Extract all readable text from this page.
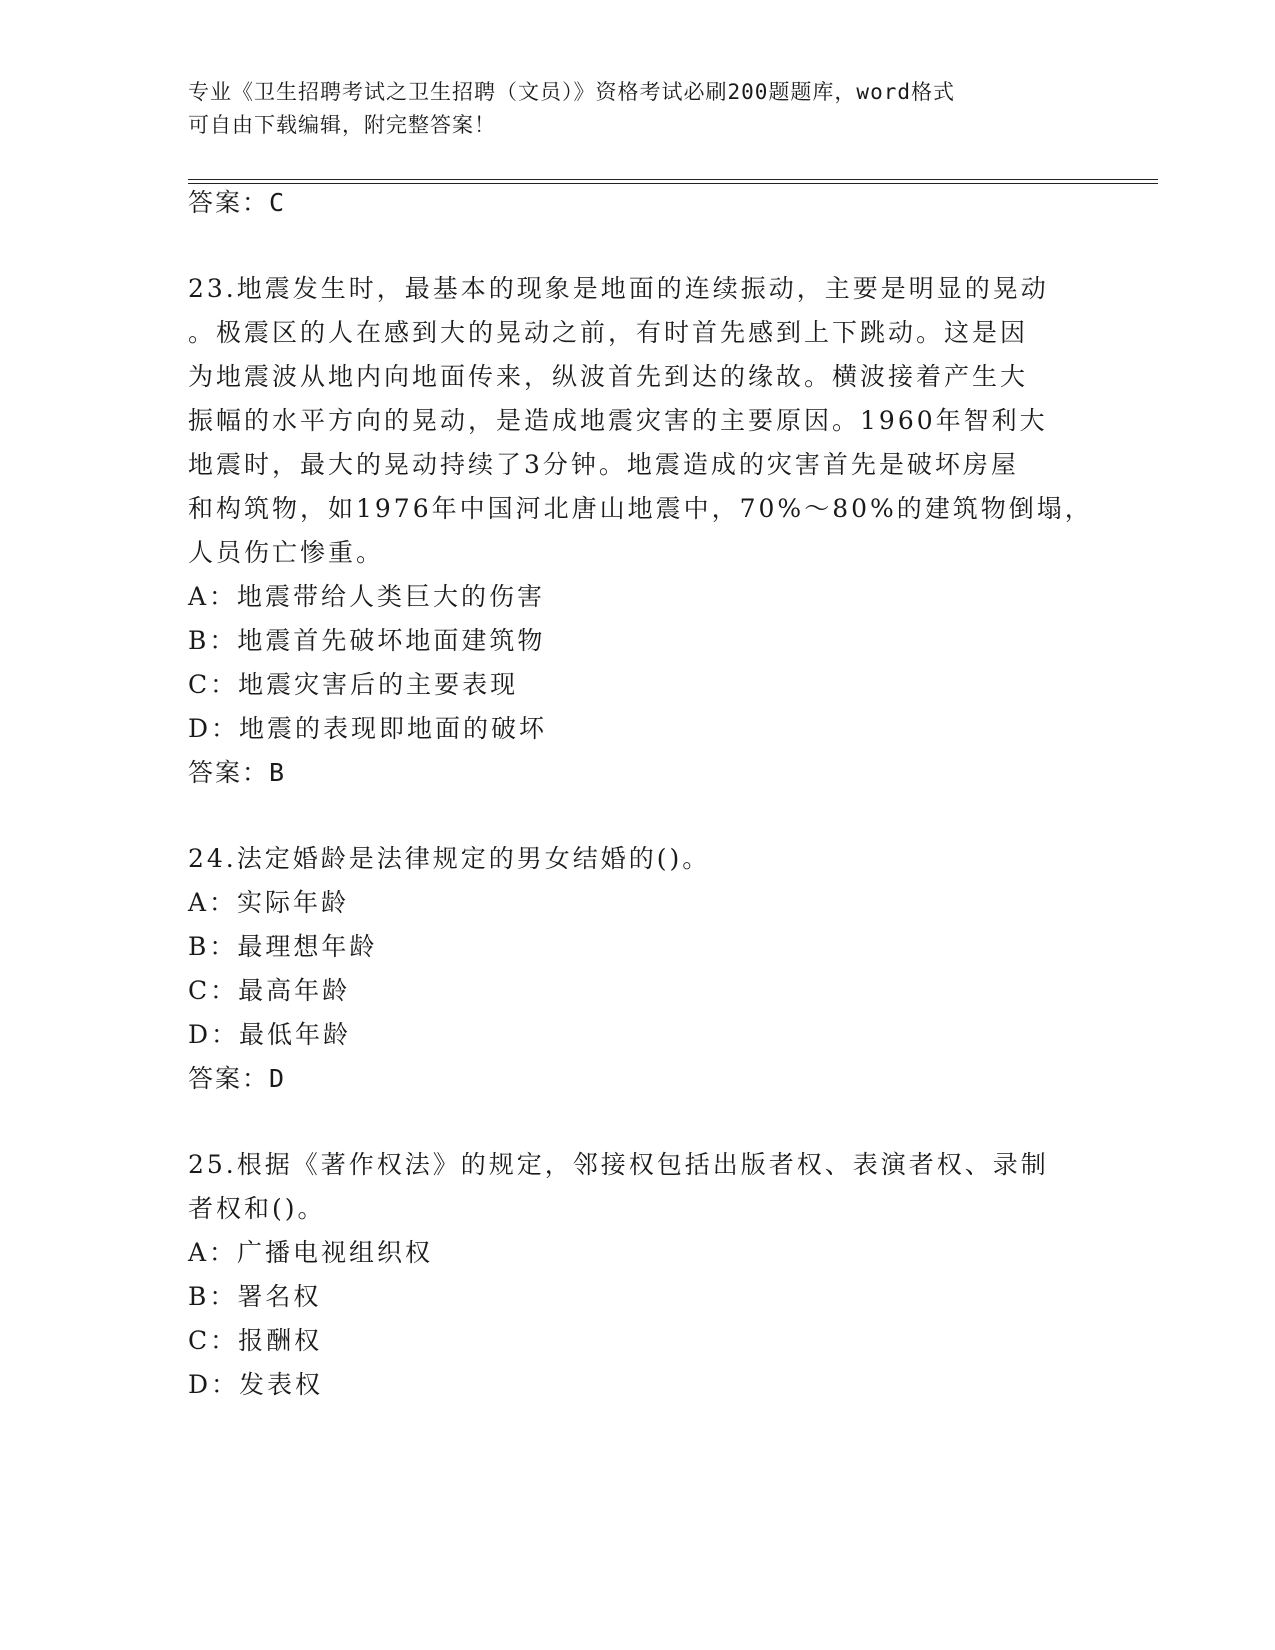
专业《卫生招聘考试之卫生招聘（文员）》资格考试必刷200题题库，word格式
可自由下载编辑，附完整答案！
答案：C
23.地震发生时，最基本的现象是地面的连续振动，主要是明显的晃动
。极震区的人在感到大的晃动之前，有时首先感到上下跳动。这是因
为地震波从地内向地面传来，纵波首先到达的缘故。横波接着产生大
振幅的水平方向的晃动，是造成地震灾害的主要原因。1960年智利大
地震时，最大的晃动持续了3分钟。地震造成的灾害首先是破坏房屋
和构筑物，如1976年中国河北唐山地震中，70%～80%的建筑物倒塌，
人员伤亡惨重。
A：地震带给人类巨大的伤害
B：地震首先破坏地面建筑物
C：地震灾害后的主要表现
D：地震的表现即地面的破坏
答案：B
24.法定婚龄是法律规定的男女结婚的()。
A：实际年龄
B：最理想年龄
C：最高年龄
D：最低年龄
答案：D
25.根据《著作权法》的规定，邻接权包括出版者权、表演者权、录制
者权和()。
A：广播电视组织权
B：署名权
C：报酬权
D：发表权
